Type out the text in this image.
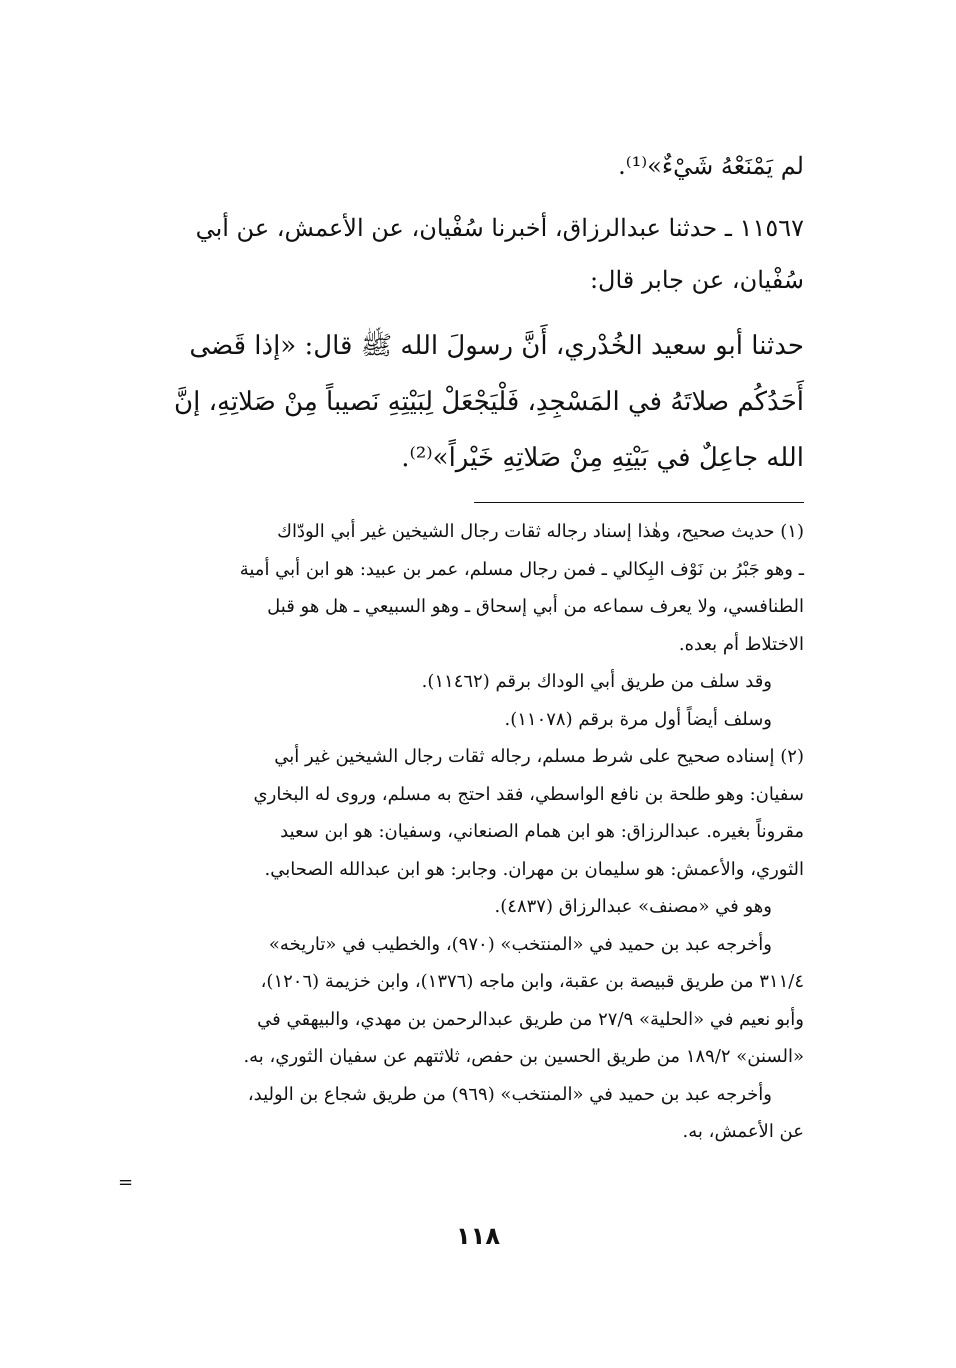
لم يَمْنَعْهُ شَيْءٌ»⁽¹⁾.
١١٥٦٧ ـ حدثنا عبدالرزاق، أخبرنا سُفْيان، عن الأعمش، عن أبي
سُفْيان، عن جابر قال:
حدثنا أبو سعيد الخُدْري، أَنَّ رسولَ الله ﷺ قال: «إذا قَضى
أَحَدُكُم صلاتَهُ في المَسْجِدِ، فَلْيَجْعَلْ لِبَيْتِهِ نَصيباً مِنْ صَلاتِهِ، إنَّ
الله جاعِلٌ في بَيْتِهِ مِنْ صَلاتِهِ خَيْراً»⁽²⁾.
(١) حديث صحيح، وهٰذا إسناد رجاله ثقات رجال الشيخين غير أبي الودّاك
ـ وهو جَبْرُ بن نَوْف البِكالي ـ فمن رجال مسلم، عمر بن عبيد: هو ابن أبي أمية
الطنافسي، ولا يعرف سماعه من أبي إسحاق ـ وهو السبيعي ـ هل هو قبل
الاختلاط أم بعده.
وقد سلف من طريق أبي الوداك برقم (١١٤٦٢).
وسلف أيضاً أول مرة برقم (١١٠٧٨).
(٢) إسناده صحيح على شرط مسلم، رجاله ثقات رجال الشيخين غير أبي
سفيان: وهو طلحة بن نافع الواسطي، فقد احتج به مسلم، وروى له البخاري
مقروناً بغيره. عبدالرزاق: هو ابن همام الصنعاني، وسفيان: هو ابن سعيد
الثوري، والأعمش: هو سليمان بن مهران. وجابر: هو ابن عبدالله الصحابي.
وهو في «مصنف» عبدالرزاق (٤٨٣٧).
وأخرجه عبد بن حميد في «المنتخب» (٩٧٠)، والخطيب في «تاريخه»
٣١١/٤ من طريق قبيصة بن عقبة، وابن ماجه (١٣٧٦)، وابن خزيمة (١٢٠٦)،
وأبو نعيم في «الحلية» ٢٧/٩ من طريق عبدالرحمن بن مهدي، والبيهقي في
«السنن» ١٨٩/٢ من طريق الحسين بن حفص، ثلاثتهم عن سفيان الثوري، به.
وأخرجه عبد بن حميد في «المنتخب» (٩٦٩) من طريق شجاع بن الوليد،
عن الأعمش، به.
=
١١٨
